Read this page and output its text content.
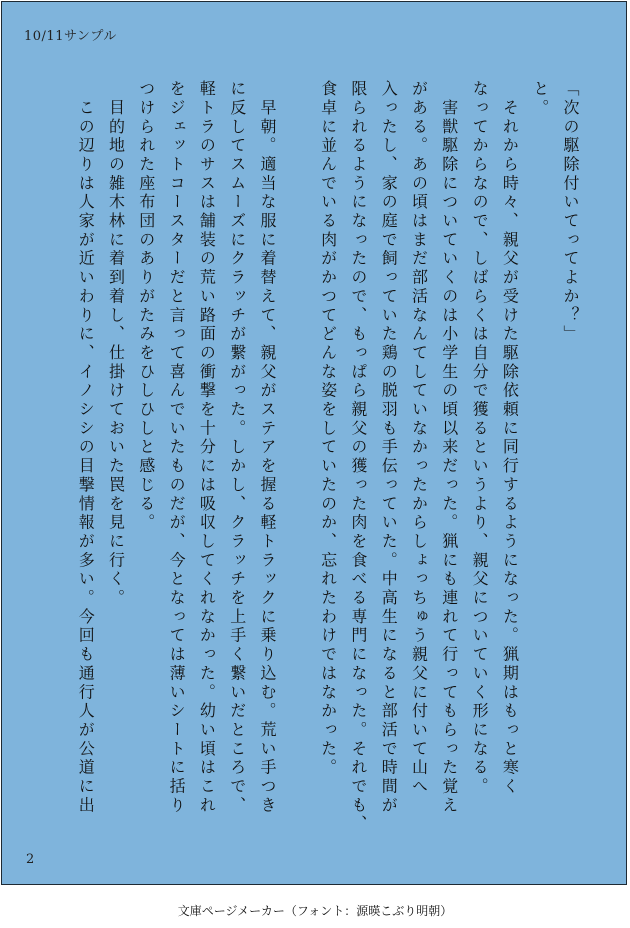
10/11サンプル
「次の駆除付いてってよか？」
と。
　それから時々、親父が受けた駆除依頼に同行するようになった。猟期はもっと寒く
なってからなので、しばらくは自分で獲るというより、親父についていく形になる。
　害獣駆除についていくのは小学生の頃以来だった。猟にも連れて行ってもらった覚え
がある。あの頃はまだ部活なんてしていなかったからしょっちゅう親父に付いて山へ
入ったし、家の庭で飼っていた鶏の脱羽も手伝っていた。中高生になると部活で時間が
限られるようになったので、もっぱら親父の獲った肉を食べる専門になった。それでも、
食卓に並んでいる肉がかつてどんな姿をしていたのか、忘れたわけではなかった。
　早朝。適当な服に着替えて、親父がステアを握る軽トラックに乗り込む。荒い手つき
に反してスムーズにクラッチが繋がった。しかし、クラッチを上手く繋いだところで、
軽トラのサスは舗装の荒い路面の衝撃を十分には吸収してくれなかった。幼い頃はこれ
をジェットコースターだと言って喜んでいたものだが、今となっては薄いシートに括り
つけられた座布団のありがたみをひしひしと感じる。
　目的地の雑木林に着到着し、仕掛けておいた罠を見に行く。
　この辺りは人家が近いわりに、イノシシの目撃情報が多い。今回も通行人が公道に出
2
文庫ページメーカー（フォント：源暎こぶり明朝）
